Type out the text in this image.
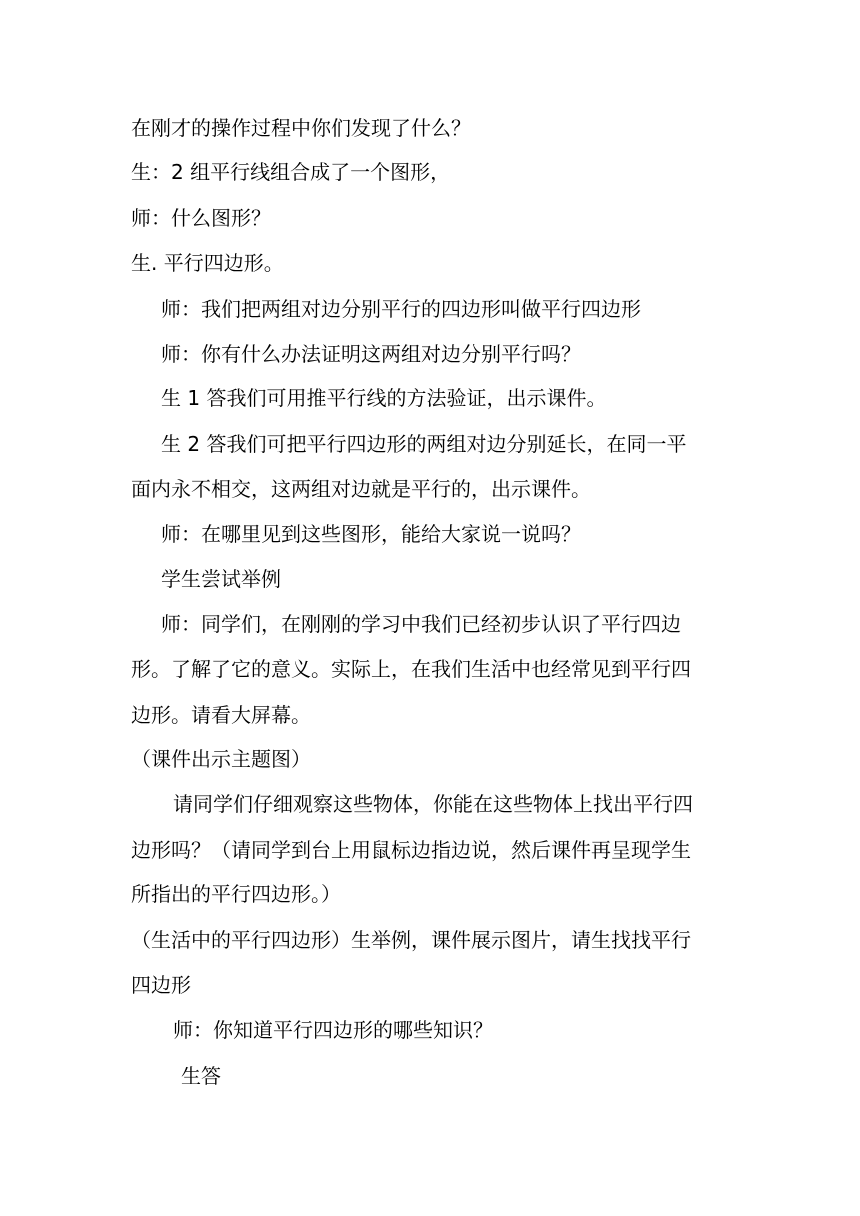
在刚才的操作过程中你们发现了什么？
生：2 组平行线组合成了一个图形，
师：什么图形？
生. 平行四边形。
师：我们把两组对边分别平行的四边形叫做平行四边形
师：你有什么办法证明这两组对边分别平行吗？
生 1 答我们可用推平行线的方法验证，出示课件。
生 2 答我们可把平行四边形的两组对边分别延长，在同一平
面内永不相交，这两组对边就是平行的，出示课件。
师：在哪里见到这些图形，能给大家说一说吗？
学生尝试举例
师：同学们，在刚刚的学习中我们已经初步认识了平行四边
形。了解了它的意义。实际上，在我们生活中也经常见到平行四
边形。请看大屏幕。
（课件出示主题图）
请同学们仔细观察这些物体，你能在这些物体上找出平行四
边形吗？（请同学到台上用鼠标边指边说，然后课件再呈现学生
所指出的平行四边形。）
（生活中的平行四边形）生举例，课件展示图片，请生找找平行
四边形
师：你知道平行四边形的哪些知识？
生答
